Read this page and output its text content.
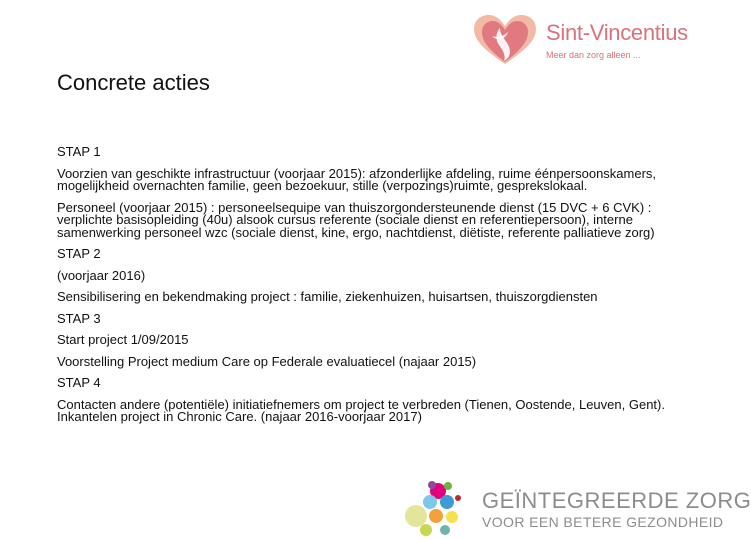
Sint-Vincentius
Meer dan zorg alleen ...
Concrete acties

STAP 1

Voorzien van geschikte infrastructuur (voorjaar 2015): afzonderlijke afdeling, ruime éénpersoonskamers, mogelijkheid overnachten familie, geen bezoekuur, stille (verpozings)ruimte, gesprekslokaal.

Personeel (voorjaar 2015) : personeelsequipe van thuiszorgondersteunende dienst (15 DVC + 6 CVK) : verplichte basisopleiding (40u) alsook cursus referente (sociale dienst en referentiepersoon), interne samenwerking personeel wzc (sociale dienst, kine, ergo, nachtdienst, diëtiste, referente palliatieve zorg)

STAP 2

(voorjaar 2016)

Sensibilisering en bekendmaking project : familie, ziekenhuizen, huisartsen, thuiszorgdiensten

STAP 3

Start project 1/09/2015

Voorstelling Project medium Care op Federale evaluatiecel (najaar 2015)

STAP 4

Contacten andere (potentiële) initiatiefnemers om project te verbreden (Tienen, Oostende, Leuven, Gent). Inkantelen project in Chronic Care. (najaar 2016-voorjaar 2017)

GEÏNTEGREERDE ZORG
VOOR EEN BETERE GEZONDHEID
